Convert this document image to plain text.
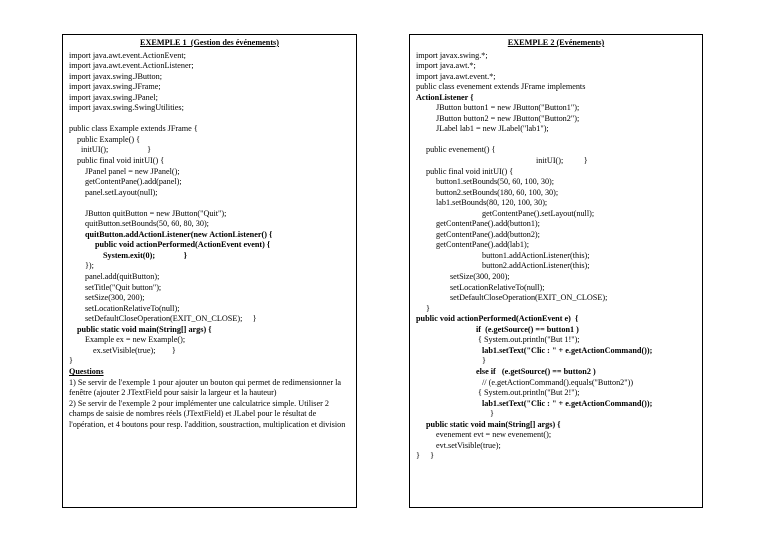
EXEMPLE 1  (Gestion des événements)
import java.awt.event.ActionEvent;
import java.awt.event.ActionListener;
import javax.swing.JButton;
import javax.swing.JFrame;
import javax.swing.JPanel;
import javax.swing.SwingUtilities;
public class Example extends JFrame {
public Example() {
initUI();                   }
public final void initUI() {
JPanel panel = new JPanel();
getContentPane().add(panel);
panel.setLayout(null);
JButton quitButton = new JButton("Quit");
quitButton.setBounds(50, 60, 80, 30);
quitButton.addActionListener(new ActionListener() {
public void actionPerformed(ActionEvent event) {
System.exit(0);              }
});
panel.add(quitButton);
setTitle("Quit button");
setSize(300, 200);
setLocationRelativeTo(null);
setDefaultCloseOperation(EXIT_ON_CLOSE);     }
public static void main(String[] args) {
Example ex = new Example();
ex.setVisible(true);        }
}
Questions
1) Se servir de l'exemple 1 pour ajouter un bouton qui permet de redimensionner la fenêtre (ajouter 2 JTextField pour saisir la largeur et la hauteur)
2) Se servir de l'exemple 2 pour implémenter une calculatrice simple. Utiliser 2 champs de saisie de nombres réels (JTextField) et JLabel pour le résultat de l'opération, et 4 boutons pour resp. l'addition, soustraction, multiplication et division
EXEMPLE 2 (Evénements)
import javax.swing.*;
import java.awt.*;
import java.awt.event.*;
public class evenement extends JFrame implements
ActionListener {
JButton button1 = new JButton("Button1");
JButton button2 = new JButton("Button2");
JLabel lab1 = new JLabel("lab1");
public evenement() {
initUI();          }
public final void initUI() {
button1.setBounds(50, 60, 100, 30);
button2.setBounds(180, 60, 100, 30);
lab1.setBounds(80, 120, 100, 30);
getContentPane().setLayout(null);
getContentPane().add(button1);
getContentPane().add(button2);
getContentPane().add(lab1);
button1.addActionListener(this);
button2.addActionListener(this);
setSize(300, 200);
setLocationRelativeTo(null);
setDefaultCloseOperation(EXIT_ON_CLOSE);
}
public void actionPerformed(ActionEvent e)  {
if  (e.getSource() == button1 )
{ System.out.println("But 1!");
lab1.setText("Clic : " + e.getActionCommand());
}
else if   (e.getSource() == button2 )
// (e.getActionCommand().equals("Button2"))
{ System.out.println("But 2!");
lab1.setText("Clic : " + e.getActionCommand());
}
public static void main(String[] args) {
evenement evt = new evenement();
evt.setVisible(true);
}     }
